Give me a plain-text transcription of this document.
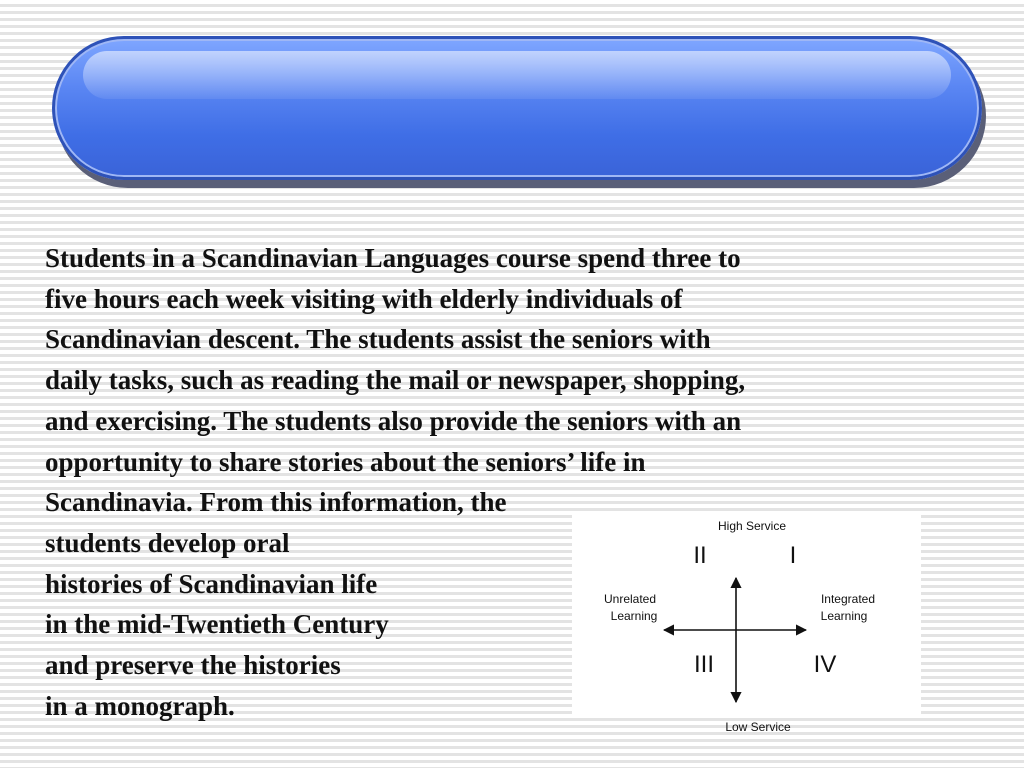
Students in a Scandinavian Languages course spend three to
five hours each week visiting with elderly individuals of
Scandinavian descent. The students assist the seniors with
daily tasks, such as reading the mail or newspaper, shopping,
and exercising. The students also provide the seniors with an
opportunity to share stories about the seniors’ life in
Scandinavia. From this information, the
students develop oral
histories of Scandinavian life
in the mid-Twentieth Century
and preserve the histories
in a monograph.
High Service
II	I
Unrelated
Learning
Integrated
Learning
III	IV
Low Service
